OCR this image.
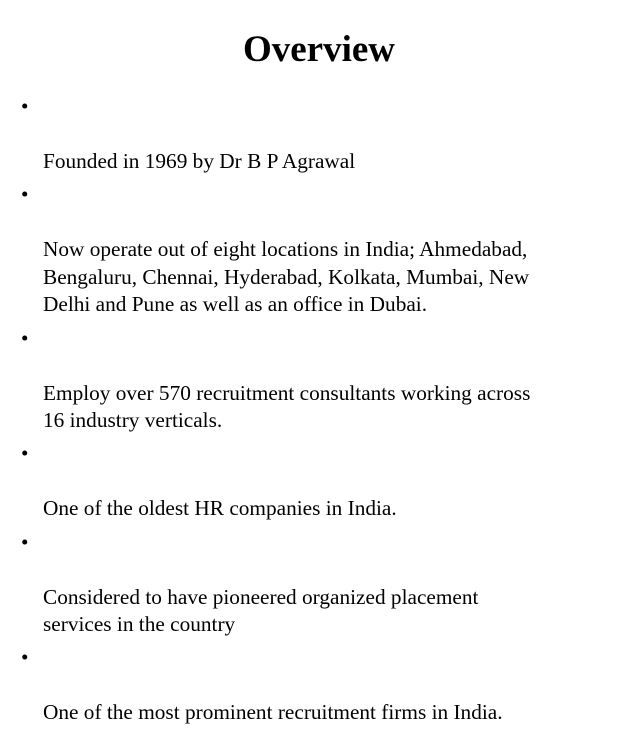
Overview

•

Founded in 1969 by Dr B P Agrawal

•

Now operate out of eight locations in India; Ahmedabad,
Bengaluru, Chennai, Hyderabad, Kolkata, Mumbai, New
Delhi and Pune as well as an office in Dubai.

•

Employ over 570 recruitment consultants working across
16 industry verticals.

•

One of the oldest HR companies in India.

•

Considered to have pioneered organized placement
services in the country

•

One of the most prominent recruitment firms in India.
